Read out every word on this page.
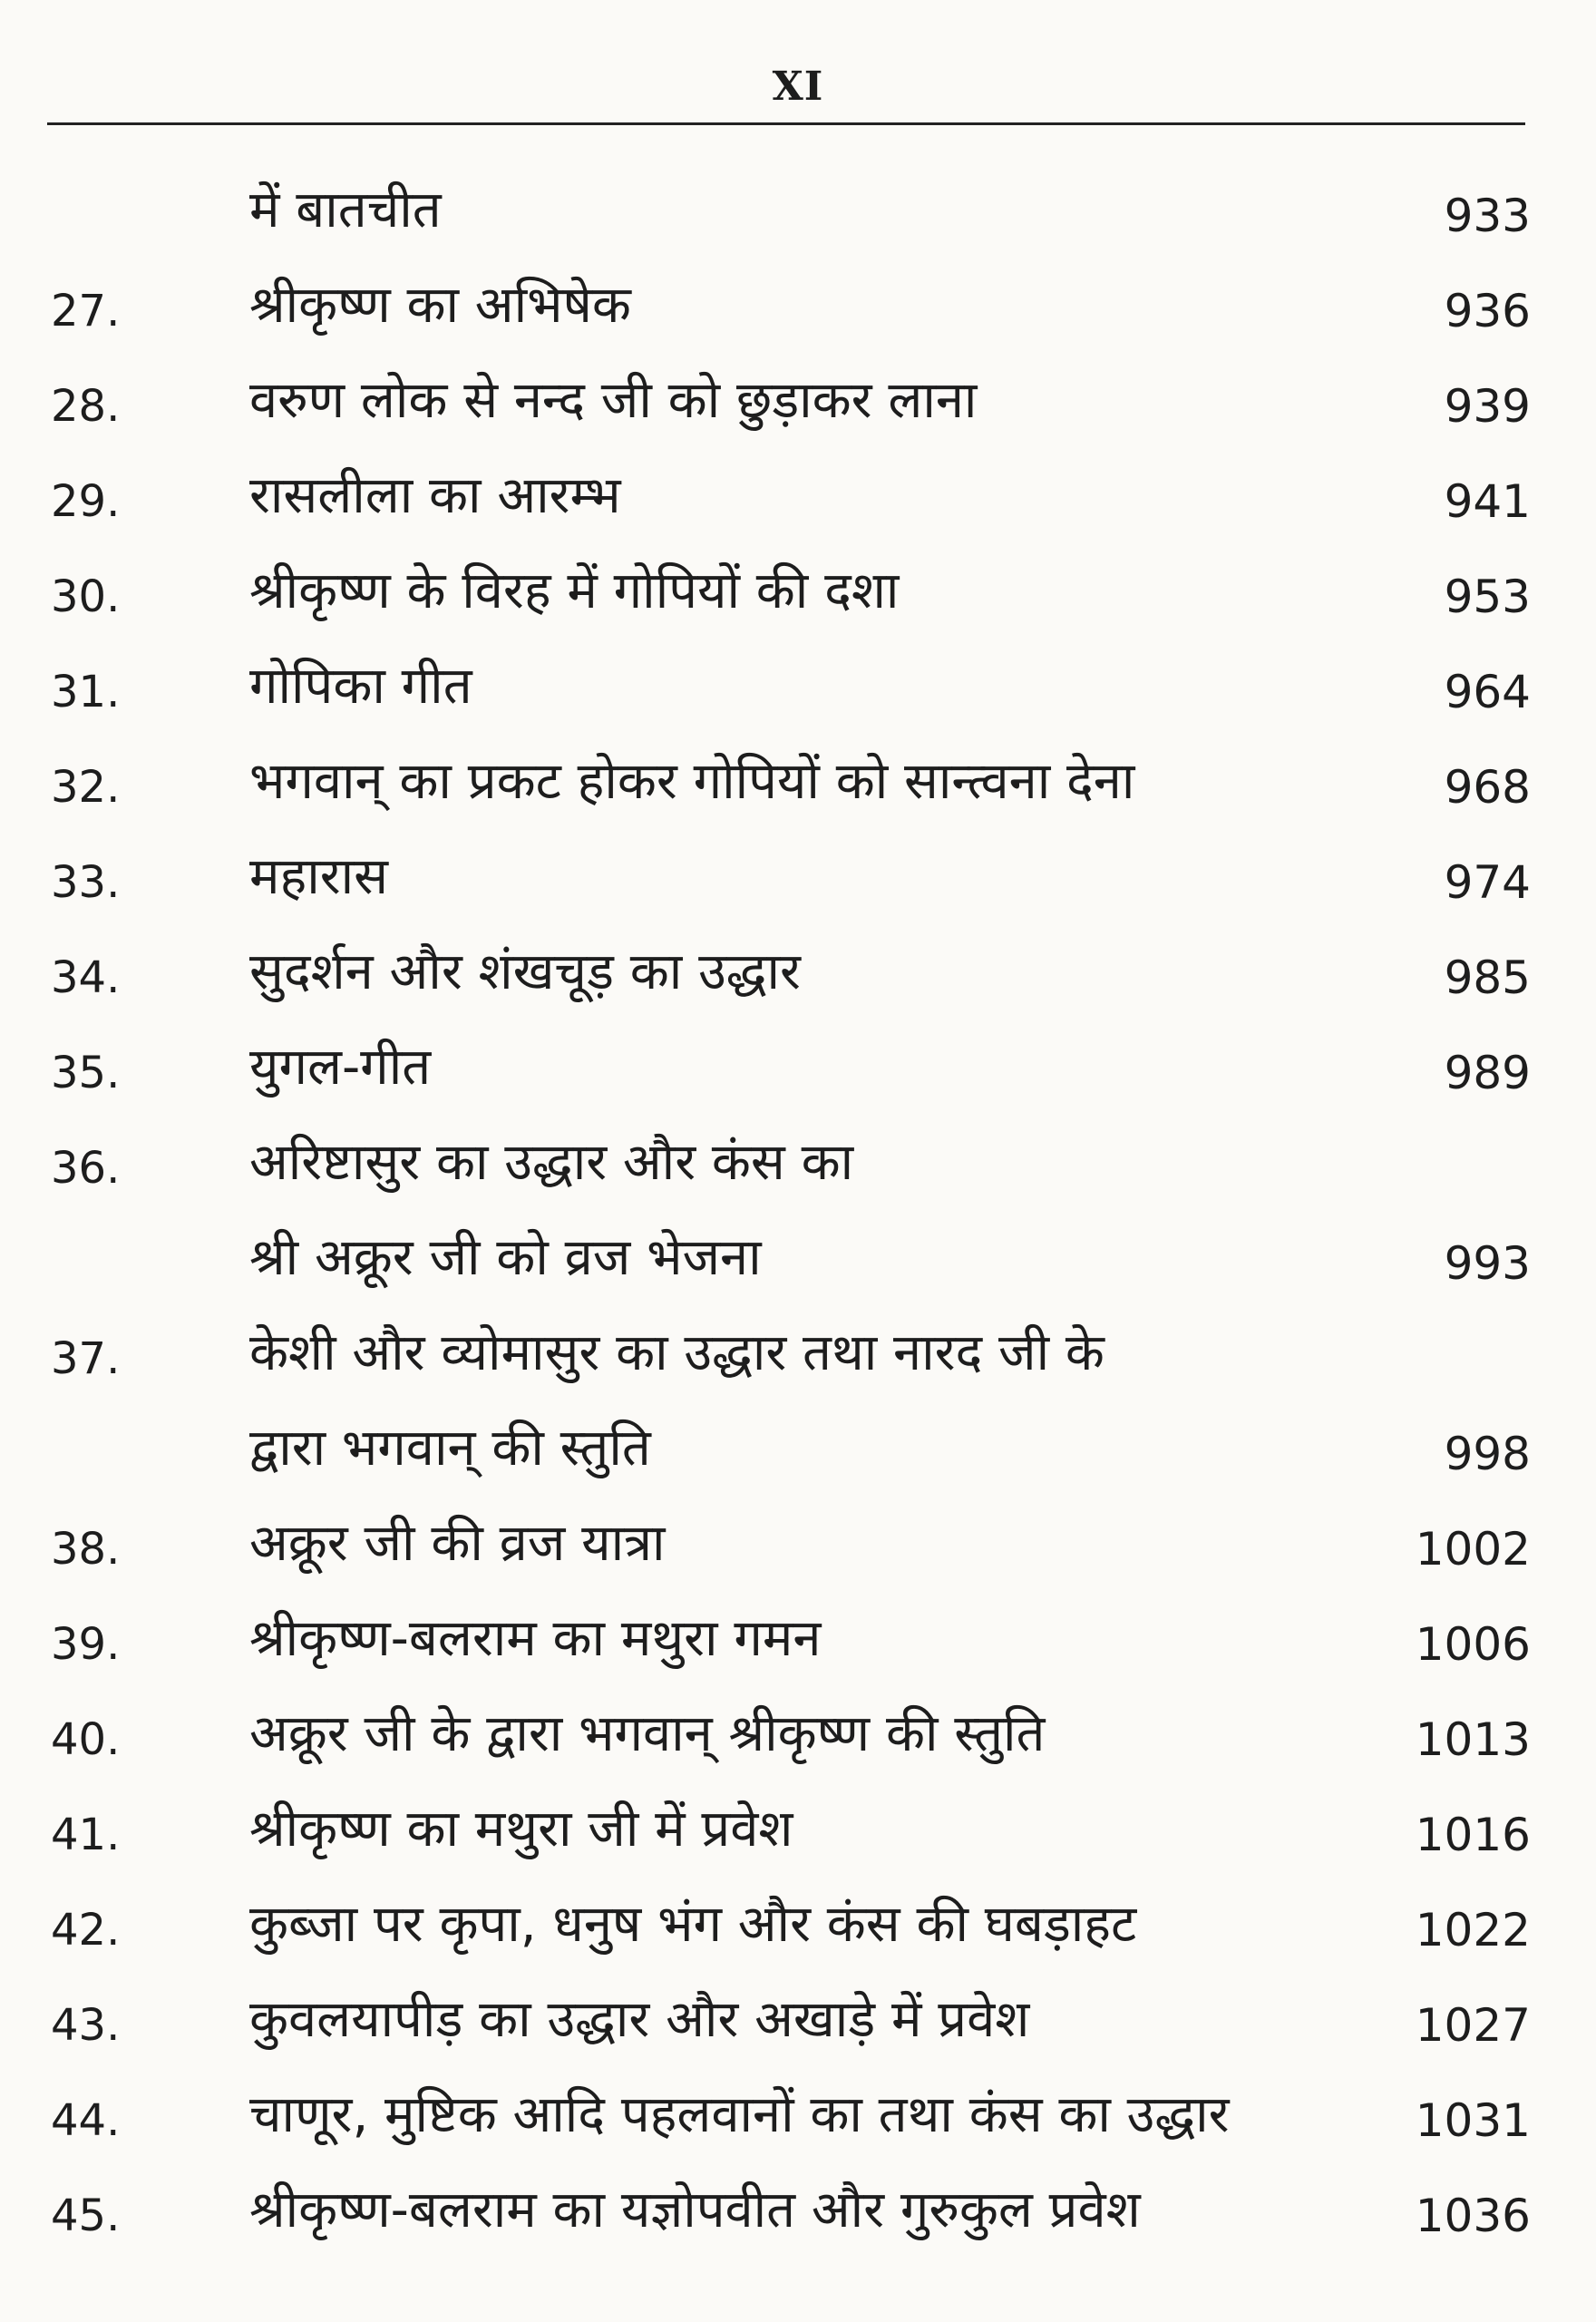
XI
में बातचीत	933
27.	श्रीकृष्ण का अभिषेक	936
28.	वरुण लोक से नन्द जी को छुड़ाकर लाना	939
29.	रासलीला का आरम्भ	941
30.	श्रीकृष्ण के विरह में गोपियों की दशा	953
31.	गोपिका गीत	964
32.	भगवान् का प्रकट होकर गोपियों को सान्त्वना देना	968
33.	महारास	974
34.	सुदर्शन और शंखचूड़ का उद्धार	985
35.	युगल-गीत	989
36.	अरिष्टासुर का उद्धार और कंस का
श्री अक्रूर जी को व्रज भेजना	993
37.	केशी और व्योमासुर का उद्धार तथा नारद जी के
द्वारा भगवान् की स्तुति	998
38.	अक्रूर जी की व्रज यात्रा	1002
39.	श्रीकृष्ण-बलराम का मथुरा गमन	1006
40.	अक्रूर जी के द्वारा भगवान् श्रीकृष्ण की स्तुति	1013
41.	श्रीकृष्ण का मथुरा जी में प्रवेश	1016
42.	कुब्जा पर कृपा, धनुष भंग और कंस की घबड़ाहट	1022
43.	कुवलयापीड़ का उद्धार और अखाड़े में प्रवेश	1027
44.	चाणूर, मुष्टिक आदि पहलवानों का तथा कंस का उद्धार	1031
45.	श्रीकृष्ण-बलराम का यज्ञोपवीत और गुरुकुल प्रवेश	1036
